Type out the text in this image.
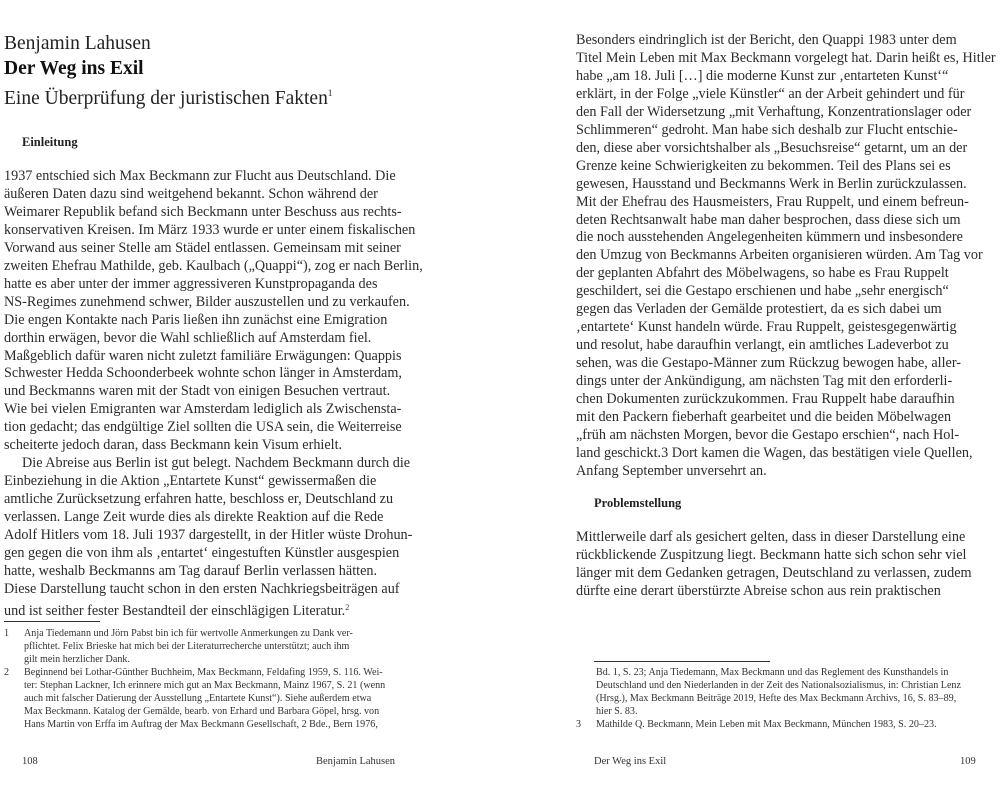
Benjamin Lahusen
Der Weg ins Exil
Eine Überprüfung der juristischen Fakten$^1$
Einleitung
1937 entschied sich Max Beckmann zur Flucht aus Deutschland. Die
äußeren Daten dazu sind weitgehend bekannt. Schon während der
Weimarer Republik befand sich Beckmann unter Beschuss aus rechts-
konservativen Kreisen. Im März 1933 wurde er unter einem fiskalischen
Vorwand aus seiner Stelle am Städel entlassen. Gemeinsam mit seiner
zweiten Ehefrau Mathilde, geb. Kaulbach („Quappi“), zog er nach Berlin,
hatte es aber unter der immer aggressiveren Kunstpropaganda des
NS-Regimes zunehmend schwer, Bilder auszustellen und zu verkaufen.
Die engen Kontakte nach Paris ließen ihn zunächst eine Emigration
dorthin erwägen, bevor die Wahl schließlich auf Amsterdam fiel.
Maßgeblich dafür waren nicht zuletzt familiäre Erwägungen: Quappis
Schwester Hedda Schoonderbeek wohnte schon länger in Amsterdam,
und Beckmanns waren mit der Stadt von einigen Besuchen vertraut.
Wie bei vielen Emigranten war Amsterdam lediglich als Zwischensta-
tion gedacht; das endgültige Ziel sollten die USA sein, die Weiterreise
scheiterte jedoch daran, dass Beckmann kein Visum erhielt.
Die Abreise aus Berlin ist gut belegt. Nachdem Beckmann durch die
Einbeziehung in die Aktion „Entartete Kunst“ gewissermaßen die
amtliche Zurücksetzung erfahren hatte, beschloss er, Deutschland zu
verlassen. Lange Zeit wurde dies als direkte Reaktion auf die Rede
Adolf Hitlers vom 18. Juli 1937 dargestellt, in der Hitler wüste Drohun-
gen gegen die von ihm als ‚entartet‘ eingestuften Künstler ausgespien
hatte, weshalb Beckmanns am Tag darauf Berlin verlassen hätten.
Diese Darstellung taucht schon in den ersten Nachkriegsbeiträgen auf
und ist seither fester Bestandteil der einschlägigen Literatur.$^2$
1 Anja Tiedemann und Jörn Pabst bin ich für wertvolle Anmerkungen zu Dank ver-
pflichtet. Felix Brieske hat mich bei der Literaturrecherche unterstützt; auch ihm
gilt mein herzlicher Dank.
2 Beginnend bei Lothar-Günther Buchheim, Max Beckmann, Feldafing 1959, S. 116. Wei-
ter: Stephan Lackner, Ich erinnere mich gut an Max Beckmann, Mainz 1967, S. 21 (wenn
auch mit falscher Datierung der Ausstellung „Entartete Kunst“). Siehe außerdem etwa
Max Beckmann. Katalog der Gemälde, bearb. von Erhard und Barbara Göpel, hrsg. von
Hans Martin von Erffa im Auftrag der Max Beckmann Gesellschaft, 2 Bde., Bern 1976,
108	Benjamin Lahusen
Besonders eindringlich ist der Bericht, den Quappi 1983 unter dem
Titel Mein Leben mit Max Beckmann vorgelegt hat. Darin heißt es, Hitler
habe „am 18. Juli […] die moderne Kunst zur ‚entarteten Kunst‘“
erklärt, in der Folge „viele Künstler“ an der Arbeit gehindert und für
den Fall der Widersetzung „mit Verhaftung, Konzentrationslager oder
Schlimmeren“ gedroht. Man habe sich deshalb zur Flucht entschie-
den, diese aber vorsichtshalber als „Besuchsreise“ getarnt, um an der
Grenze keine Schwierigkeiten zu bekommen. Teil des Plans sei es
gewesen, Hausstand und Beckmanns Werk in Berlin zurückzulassen.
Mit der Ehefrau des Hausmeisters, Frau Ruppelt, und einem befreun-
deten Rechtsanwalt habe man daher besprochen, dass diese sich um
die noch ausstehenden Angelegenheiten kümmern und insbesondere
den Umzug von Beckmanns Arbeiten organisieren würden. Am Tag vor
der geplanten Abfahrt des Möbelwagens, so habe es Frau Ruppelt
geschildert, sei die Gestapo erschienen und habe „sehr energisch“
gegen das Verladen der Gemälde protestiert, da es sich dabei um
‚entartete‘ Kunst handeln würde. Frau Ruppelt, geistesgegenwärtig
und resolut, habe daraufhin verlangt, ein amtliches Ladeverbot zu
sehen, was die Gestapo-Männer zum Rückzug bewogen habe, aller-
dings unter der Ankündigung, am nächsten Tag mit den erforderli-
chen Dokumenten zurückzukommen. Frau Ruppelt habe daraufhin
mit den Packern fieberhaft gearbeitet und die beiden Möbelwagen
„früh am nächsten Morgen, bevor die Gestapo erschien“, nach Hol-
land geschickt.3 Dort kamen die Wagen, das bestätigen viele Quellen,
Anfang September unversehrt an.
Problemstellung
Mittlerweile darf als gesichert gelten, dass in dieser Darstellung eine
rückblickende Zuspitzung liegt. Beckmann hatte sich schon sehr viel
länger mit dem Gedanken getragen, Deutschland zu verlassen, zudem
dürfte eine derart überstürzte Abreise schon aus rein praktischen
Bd. 1, S. 23; Anja Tiedemann, Max Beckmann und das Reglement des Kunsthandels in
Deutschland und den Niederlanden in der Zeit des Nationalsozialismus, in: Christian Lenz
(Hrsg.), Max Beckmann Beiträge 2019, Hefte des Max Beckmann Archivs, 16, S. 83–89,
hier S. 83.
3 Mathilde Q. Beckmann, Mein Leben mit Max Beckmann, München 1983, S. 20–23.
Der Weg ins Exil	109
